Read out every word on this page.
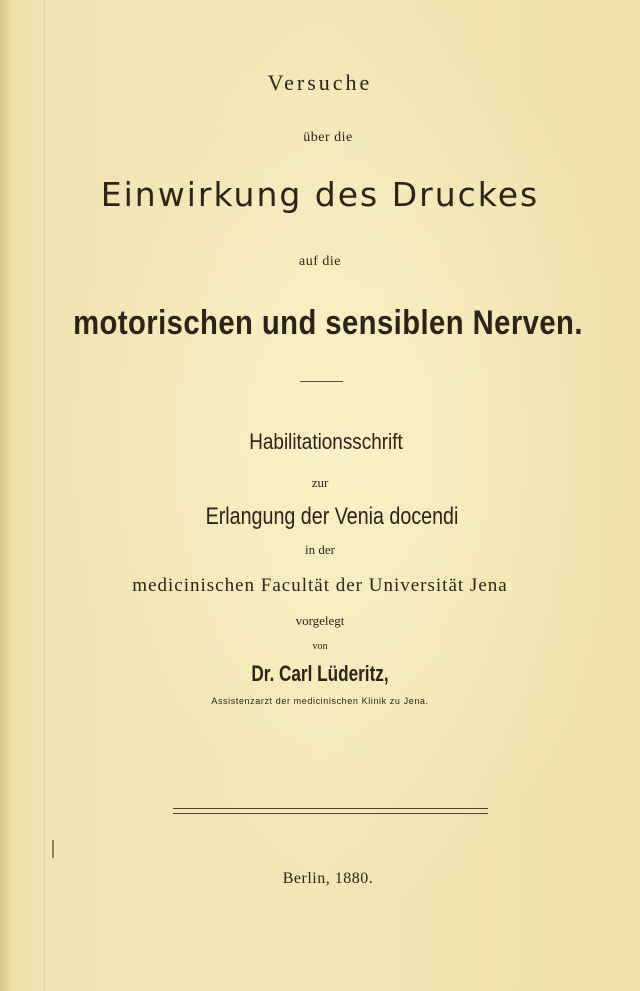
Versuche
über die
Einwirkung des Druckes
auf die
motorischen und sensiblen Nerven.
Habilitationsschrift
zur
Erlangung der Venia docendi
in der
medicinischen Facultät der Universität Jena
vorgelegt
von
Dr. Carl Lüderitz,
Assistenzarzt der medicinischen Klinik zu Jena.
Berlin, 1880.
